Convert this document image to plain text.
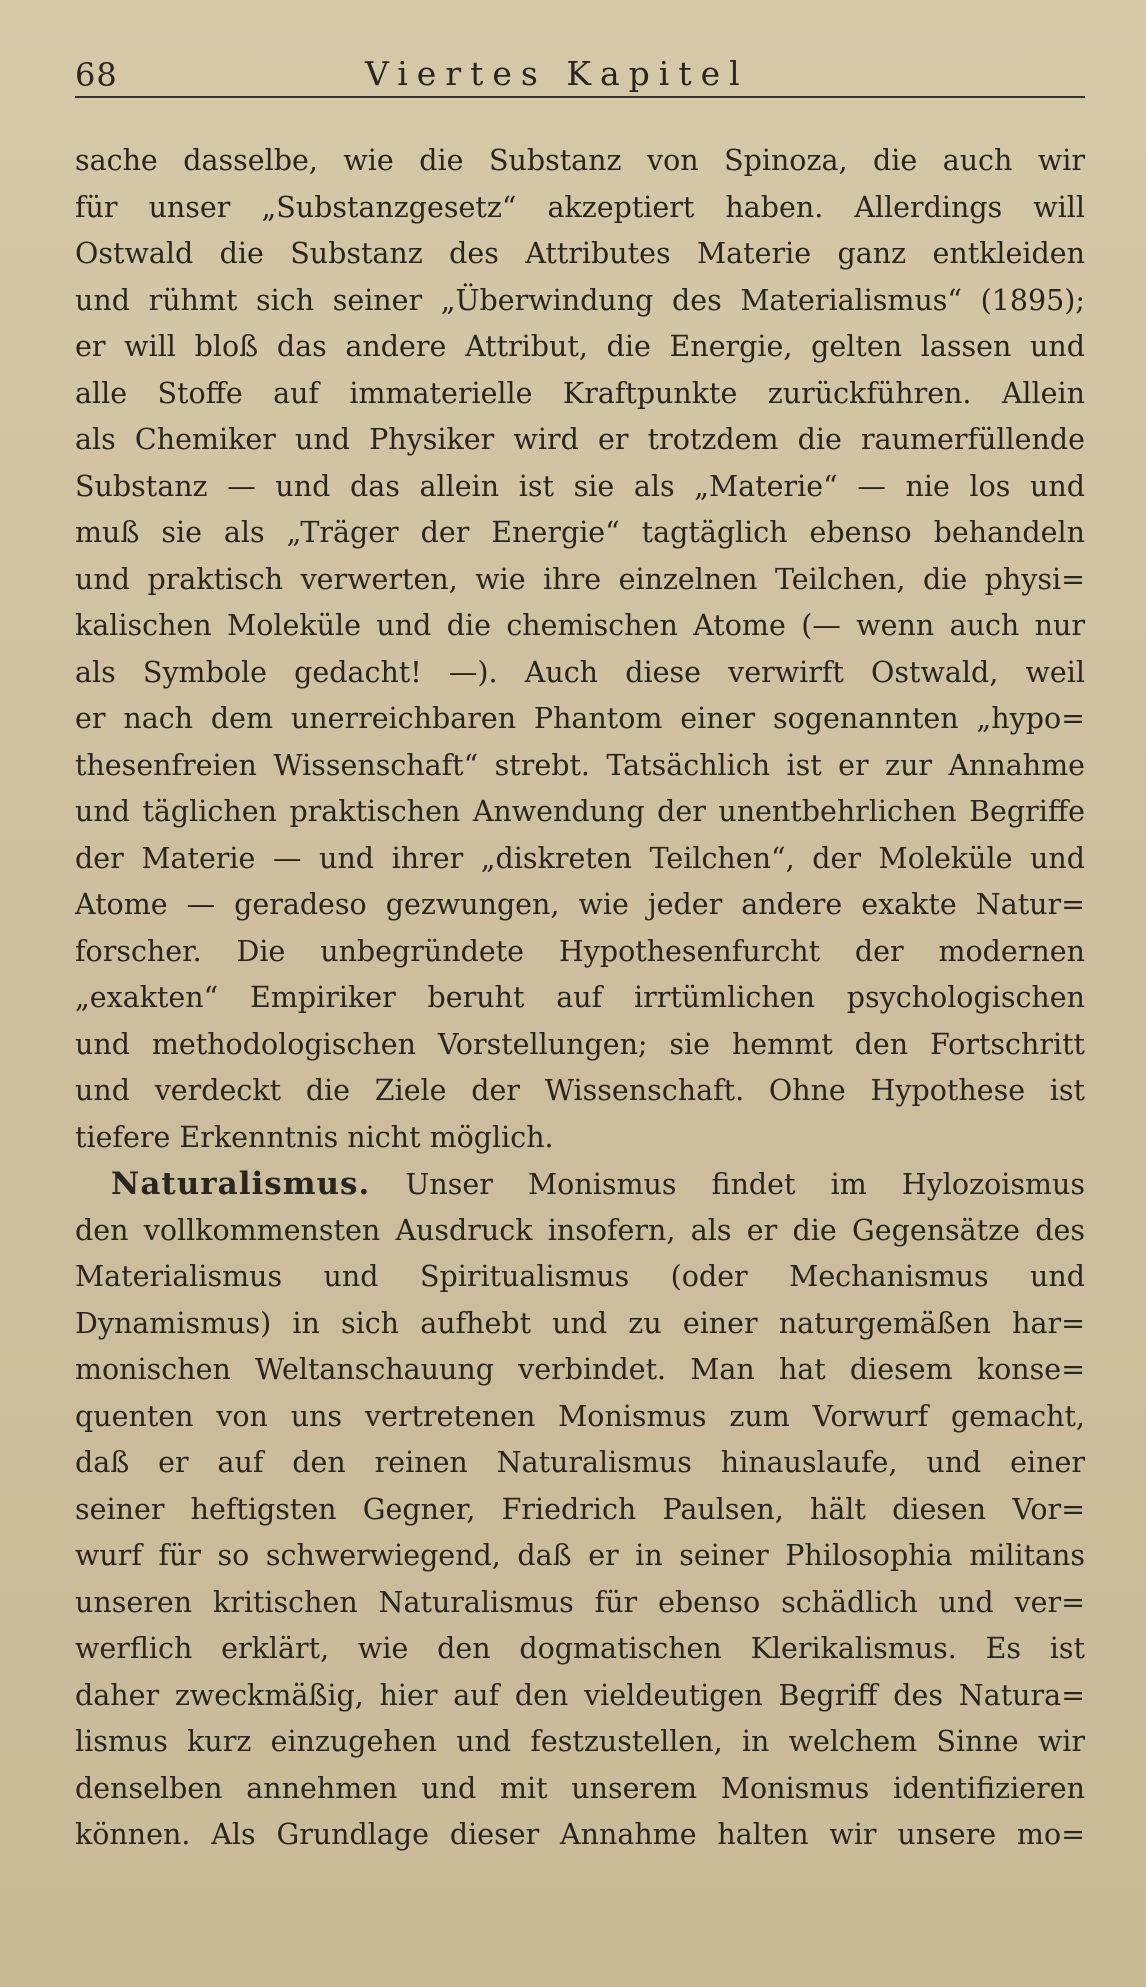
68	Viertes Kapitel
sache dasselbe, wie die Substanz von Spinoza, die auch wir
für unser „Substanzgesetz“ akzeptiert haben. Allerdings will
Ostwald die Substanz des Attributes Materie ganz entkleiden
und rühmt sich seiner „Überwindung des Materialismus“ (1895);
er will bloß das andere Attribut, die Energie, gelten lassen und
alle Stoffe auf immaterielle Kraftpunkte zurückführen. Allein
als Chemiker und Physiker wird er trotzdem die raumerfüllende
Substanz — und das allein ist sie als „Materie“ — nie los und
muß sie als „Träger der Energie“ tagtäglich ebenso behandeln
und praktisch verwerten, wie ihre einzelnen Teilchen, die physi=
kalischen Moleküle und die chemischen Atome (— wenn auch nur
als Symbole gedacht! —). Auch diese verwirft Ostwald, weil
er nach dem unerreichbaren Phantom einer sogenannten „hypo=
thesenfreien Wissenschaft“ strebt. Tatsächlich ist er zur Annahme
und täglichen praktischen Anwendung der unentbehrlichen Begriffe
der Materie — und ihrer „diskreten Teilchen“, der Moleküle und
Atome — geradeso gezwungen, wie jeder andere exakte Natur=
forscher. Die unbegründete Hypothesenfurcht der modernen
„exakten“ Empiriker beruht auf irrtümlichen psychologischen
und methodologischen Vorstellungen; sie hemmt den Fortschritt
und verdeckt die Ziele der Wissenschaft. Ohne Hypothese ist
tiefere Erkenntnis nicht möglich.
Naturalismus. Unser Monismus findet im Hylozoismus
den vollkommensten Ausdruck insofern, als er die Gegensätze des
Materialismus und Spiritualismus (oder Mechanismus und
Dynamismus) in sich aufhebt und zu einer naturgemäßen har=
monischen Weltanschauung verbindet. Man hat diesem konse=
quenten von uns vertretenen Monismus zum Vorwurf gemacht,
daß er auf den reinen Naturalismus hinauslaufe, und einer
seiner heftigsten Gegner, Friedrich Paulsen, hält diesen Vor=
wurf für so schwerwiegend, daß er in seiner Philosophia militans
unseren kritischen Naturalismus für ebenso schädlich und ver=
werflich erklärt, wie den dogmatischen Klerikalismus. Es ist
daher zweckmäßig, hier auf den vieldeutigen Begriff des Natura=
lismus kurz einzugehen und festzustellen, in welchem Sinne wir
denselben annehmen und mit unserem Monismus identifizieren
können. Als Grundlage dieser Annahme halten wir unsere mo=
